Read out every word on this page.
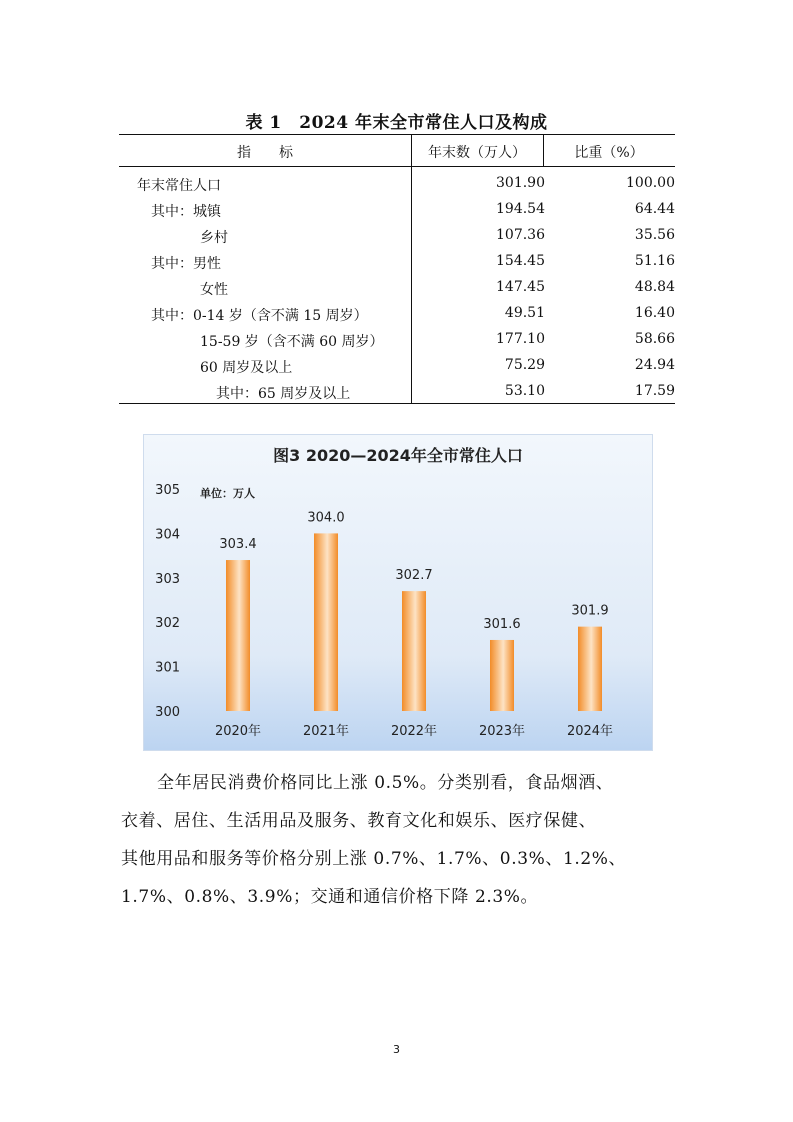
表 1　2024 年末全市常住人口及构成
指　　标	年末数（万人）	比重（%）
年末常住人口	301.90	100.00
其中：城镇	194.54	64.44
乡村	107.36	35.56
其中：男性	154.45	51.16
女性	147.45	48.84
其中：0-14 岁（含不满 15 周岁）	49.51	16.40
15-59 岁（含不满 60 周岁）	177.10	58.66
60 周岁及以上	75.29	24.94
其中：65 周岁及以上	53.10	17.59
图3 2020—2024年全市常住人口
单位：万人
300
301
302
303
304
305
303.4
304.0
302.7
301.6
301.9
2020年	2021年	2022年	2023年	2024年
全年居民消费价格同比上涨 0.5%。分类别看，食品烟酒、
衣着、居住、生活用品及服务、教育文化和娱乐、医疗保健、
其他用品和服务等价格分别上涨 0.7%、1.7%、0.3%、1.2%、
1.7%、0.8%、3.9%；交通和通信价格下降 2.3%。
3
